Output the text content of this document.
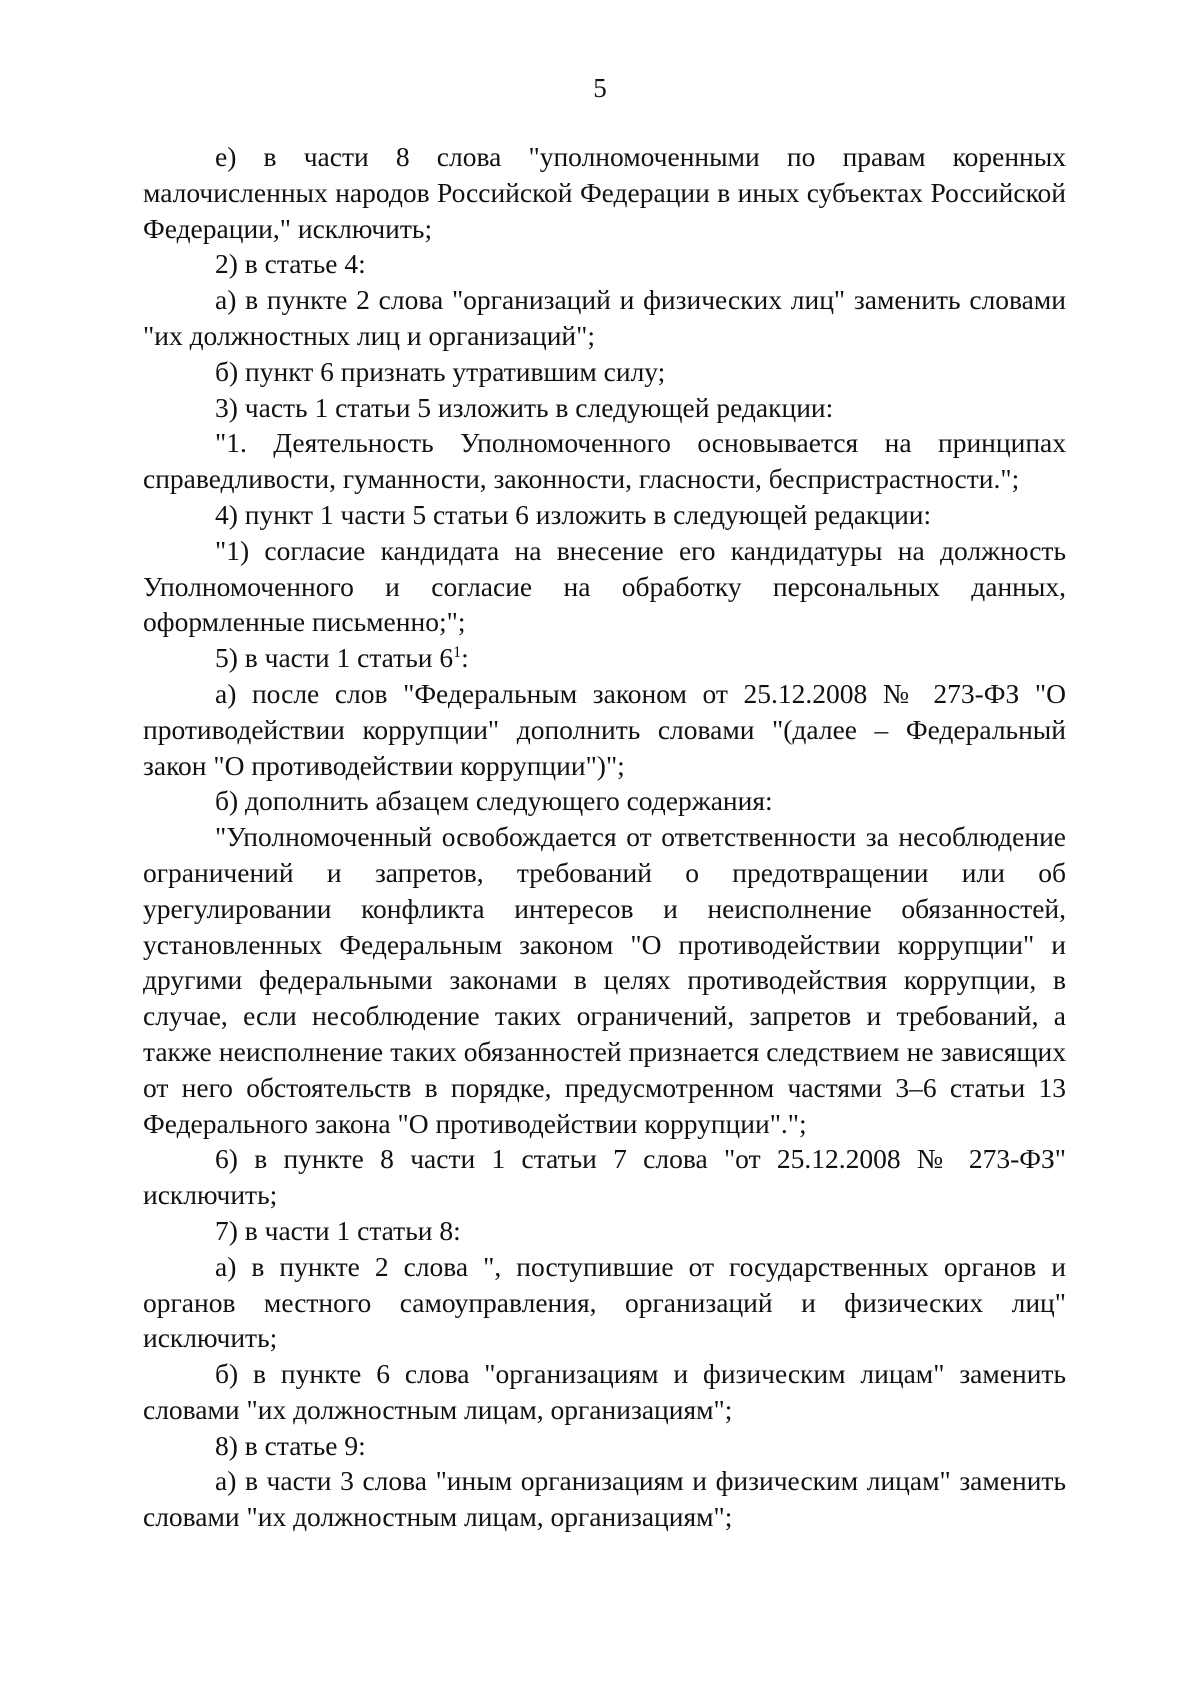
5

е) в части 8 слова "уполномоченными по правам коренных малочисленных народов Российской Федерации в иных субъектах Российской Федерации," исключить;

2) в статье 4:

а) в пункте 2 слова "организаций и физических лиц" заменить словами "их должностных лиц и организаций";

б) пункт 6 признать утратившим силу;

3) часть 1 статьи 5 изложить в следующей редакции:

"1. Деятельность Уполномоченного основывается на принципах справедливости, гуманности, законности, гласности, беспристрастности.";

4) пункт 1 части 5 статьи 6 изложить в следующей редакции:

"1) согласие кандидата на внесение его кандидатуры на должность Уполномоченного и согласие на обработку персональных данных, оформленные письменно;";

5) в части 1 статьи $6^1$:

а) после слов "Федеральным законом от 25.12.2008 № 273-ФЗ "О противодействии коррупции" дополнить словами "(далее – Федеральный закон "О противодействии коррупции")";

б) дополнить абзацем следующего содержания:

"Уполномоченный освобождается от ответственности за несоблюдение ограничений и запретов, требований о предотвращении или об урегулировании конфликта интересов и неисполнение обязанностей, установленных Федеральным законом "О противодействии коррупции" и другими федеральными законами в целях противодействия коррупции, в случае, если несоблюдение таких ограничений, запретов и требований, а также неисполнение таких обязанностей признается следствием не зависящих от него обстоятельств в порядке, предусмотренном частями 3–6 статьи 13 Федерального закона "О противодействии коррупции".";

6) в пункте 8 части 1 статьи 7 слова "от 25.12.2008 № 273-ФЗ" исключить;

7) в части 1 статьи 8:

а) в пункте 2 слова ", поступившие от государственных органов и органов местного самоуправления, организаций и физических лиц" исключить;

б) в пункте 6 слова "организациям и физическим лицам" заменить словами "их должностным лицам, организациям";

8) в статье 9:

а) в части 3 слова "иным организациям и физическим лицам" заменить словами "их должностным лицам, организациям";
